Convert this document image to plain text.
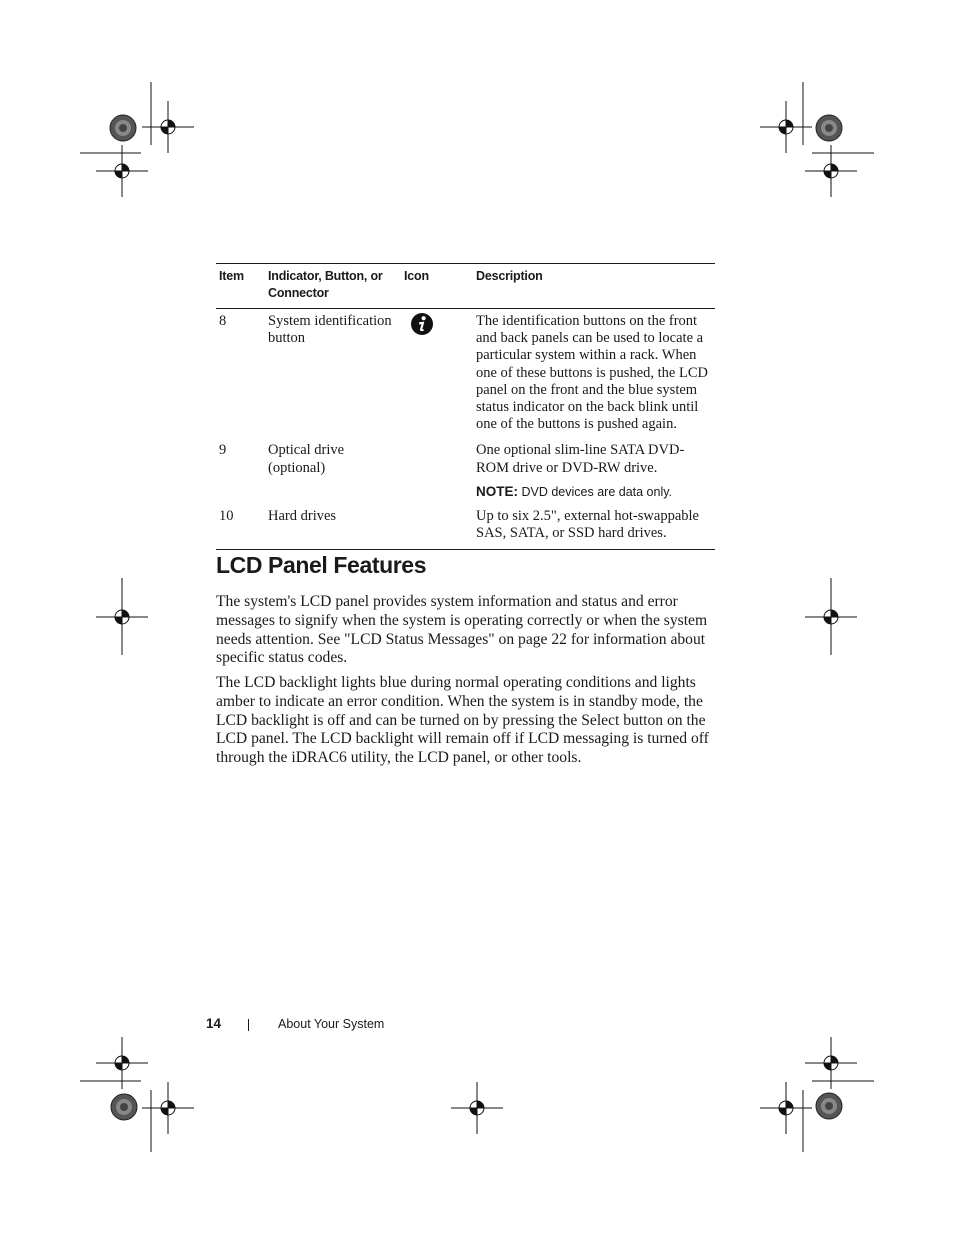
Item	Indicator, Button, or Connector	Icon	Description
8	System identification button		The identification buttons on the front and back panels can be used to locate a particular system within a rack. When one of these buttons is pushed, the LCD panel on the front and the blue system status indicator on the back blink until one of the buttons is pushed again.
9	Optical drive (optional)		One optional slim-line SATA DVD-ROM drive or DVD-RW drive.
NOTE: DVD devices are data only.

10	Hard drives		Up to six 2.5", external hot-swappable SAS, SATA, or SSD hard drives.
LCD Panel Features

The system's LCD panel provides system information and status and error messages to signify when the system is operating correctly or when the system needs attention. See "LCD Status Messages" on page 22 for information about specific status codes.

The LCD backlight lights blue during normal operating conditions and lights amber to indicate an error condition. When the system is in standby mode, the LCD backlight is off and can be turned on by pressing the Select button on the LCD panel. The LCD backlight will remain off if LCD messaging is turned off through the iDRAC6 utility, the LCD panel, or other tools.

14	About Your System
